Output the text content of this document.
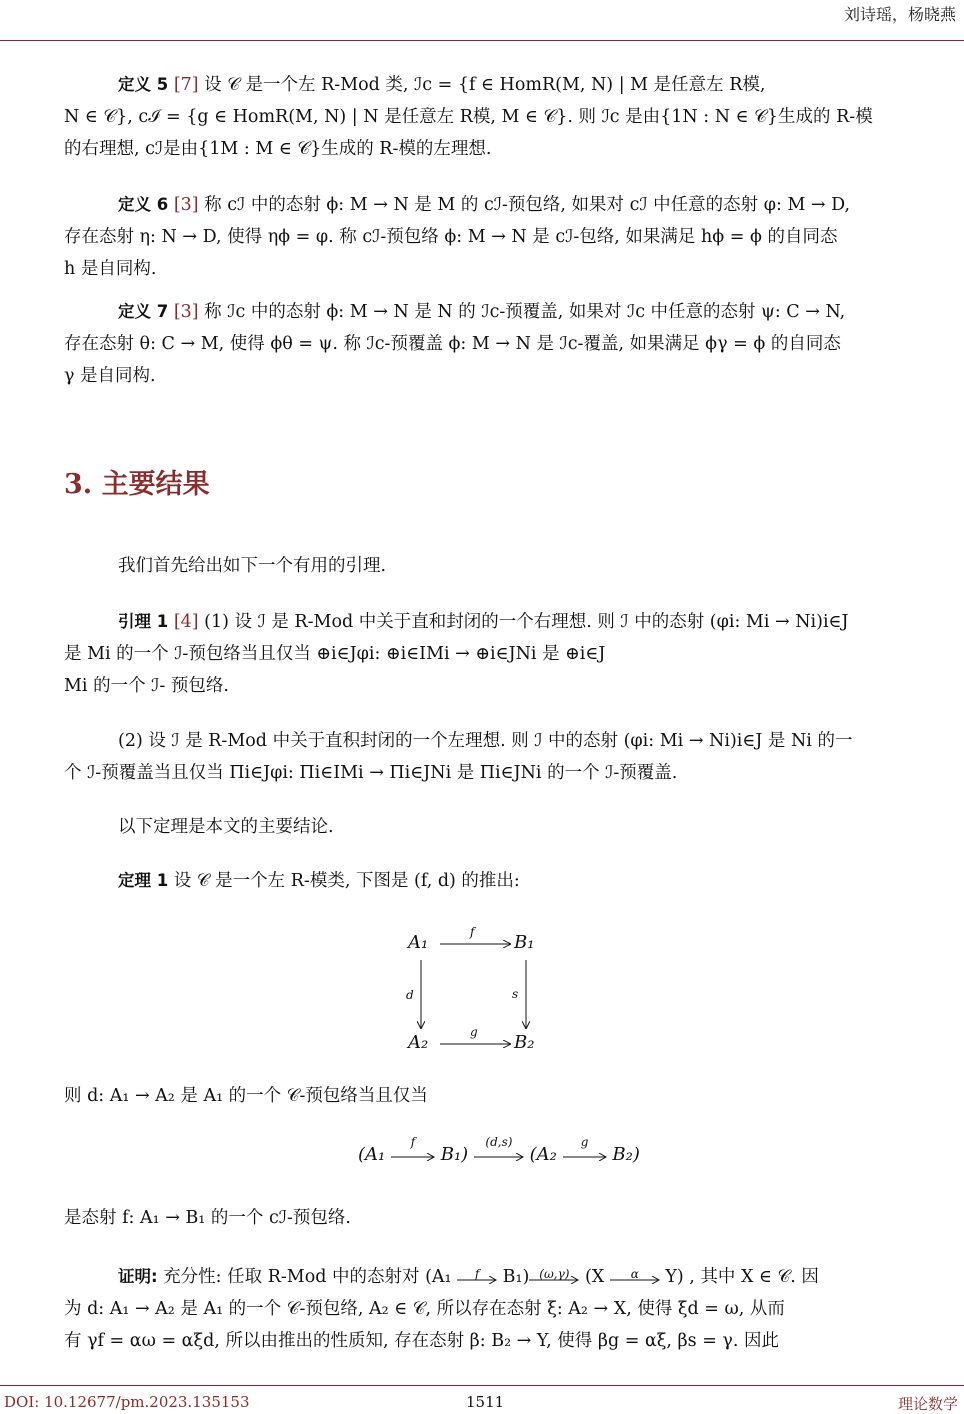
刘诗瑶，杨晓燕

定义 5 [7] 设 𝒞 是一个左 R-Mod 类, ℐc = {f ∈ HomR(M, N) | M 是任意左 R模,

N ∈ 𝒞}, cℐ = {g ∈ HomR(M, N) | N 是任意左 R模, M ∈ 𝒞}. 则 ℐc 是由{1N : N ∈ 𝒞}生成的 R-模

的右理想, cℐ是由{1M : M ∈ 𝒞}生成的 R-模的左理想.

定义 6 [3] 称 cℐ 中的态射 ϕ: M → N 是 M 的 cℐ-预包络, 如果对 cℐ 中任意的态射 φ: M → D,

存在态射 η: N → D, 使得 ηϕ = φ. 称 cℐ-预包络 ϕ: M → N 是 cℐ-包络, 如果满足 hϕ = ϕ 的自同态

h 是自同构.

定义 7 [3] 称 ℐc 中的态射 ϕ: M → N 是 N 的 ℐc-预覆盖, 如果对 ℐc 中任意的态射 ψ: C → N,

存在态射 θ: C → M, 使得 ϕθ = ψ. 称 ℐc-预覆盖 ϕ: M → N 是 ℐc-覆盖, 如果满足 ϕγ = ϕ 的自同态

γ 是自同构.

3. 主要结果

我们首先给出如下一个有用的引理.

引理 1 [4] (1) 设 ℐ 是 R-Mod 中关于直和封闭的一个右理想. 则 ℐ 中的态射 (φi: Mi → Ni)i∈J

是 Mi 的一个 ℐ-预包络当且仅当 ⊕i∈Jφi: ⊕i∈IMi → ⊕i∈JNi 是 ⊕i∈J

Mi 的一个 ℐ- 预包络.

(2) 设 ℐ 是 R-Mod 中关于直积封闭的一个左理想. 则 ℐ 中的态射 (φi: Mi → Ni)i∈J 是 Ni 的一

个 ℐ-预覆盖当且仅当 Πi∈Jφi: Πi∈IMi → Πi∈JNi 是 Πi∈JNi 的一个 ℐ-预覆盖.

以下定理是本文的主要结论.

定理 1 设 𝒞 是一个左 R-模类, 下图是 (f, d) 的推出:

A₁	B₁
A₂	B₂
f
g
d	s

则 d: A₁ → A₂ 是 A₁ 的一个 𝒞-预包络当且仅当

(A₁
f
B₁)
(d,s)
(A₂
g
B₂)

是态射 f: A₁ → B₁ 的一个 cℐ-预包络.

证明: 充分性: 任取 R-Mod 中的态射对 (A₁	f	B₁) (ω,γ) (X	α	Y) , 其中 X ∈ 𝒞. 因

为 d: A₁ → A₂ 是 A₁ 的一个 𝒞-预包络, A₂ ∈ 𝒞, 所以存在态射 ξ: A₂ → X, 使得 ξd = ω, 从而

有 γf = αω = αξd, 所以由推出的性质知, 存在态射 β: B₂ → Y, 使得 βg = αξ, βs = γ. 因此

DOI: 10.12677/pm.2023.135153	1511	理论数学
